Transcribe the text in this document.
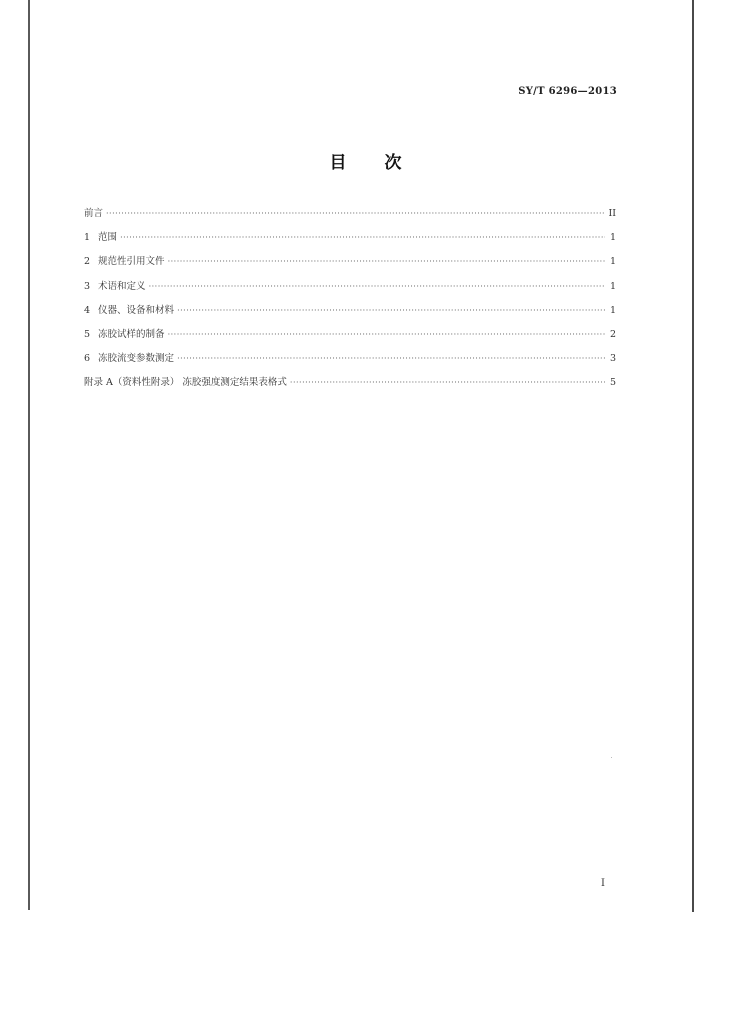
SY/T 6296—2013
目 次
前言 ·····	II
1 范围 ·····	1
2 规范性引用文件 ·····	1
3 术语和定义 ·····	1
4 仪器、设备和材料 ·····	1
5 冻胶试样的制备 ·····	2
6 冻胶流变参数测定 ·····	3
附录 A（资料性附录） 冻胶强度测定结果表格式 ·····	5
I
